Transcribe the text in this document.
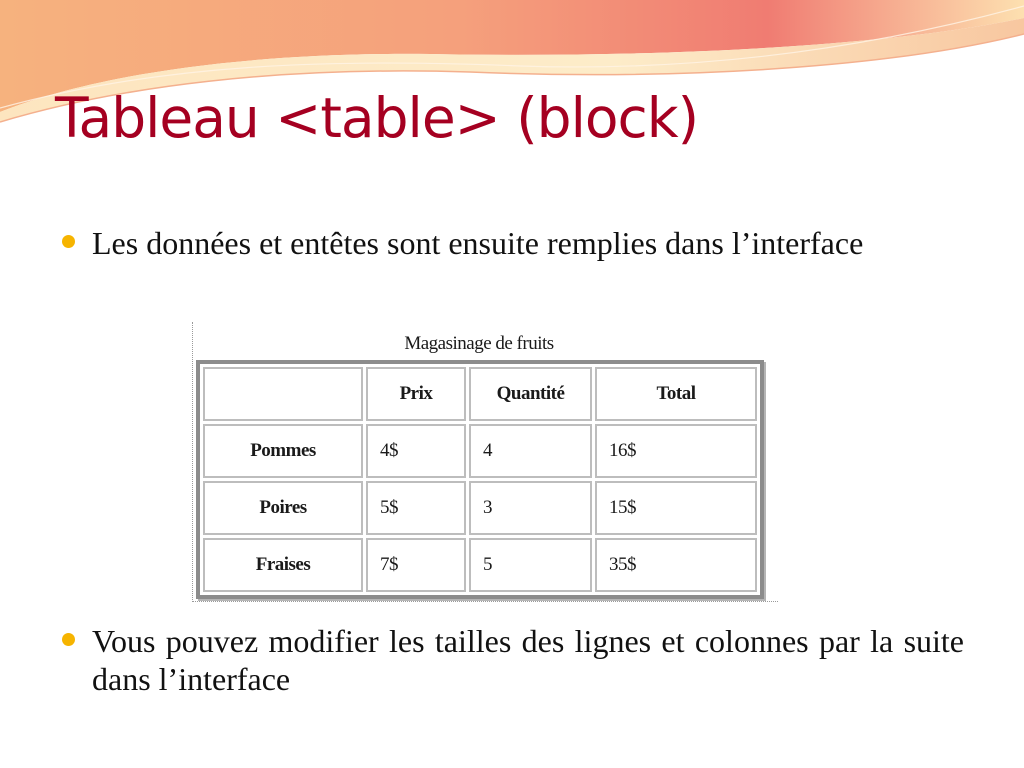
Tableau <table> (block)
Les données et entêtes sont ensuite remplies dans l’interface
Magasinage de fruits
	Prix	Quantité	Total
Pommes	4$	4	16$
Poires	5$	3	15$
Fraises	7$	5	35$
Vous pouvez modifier les tailles des lignes et colonnes par la suite dans l’interface
